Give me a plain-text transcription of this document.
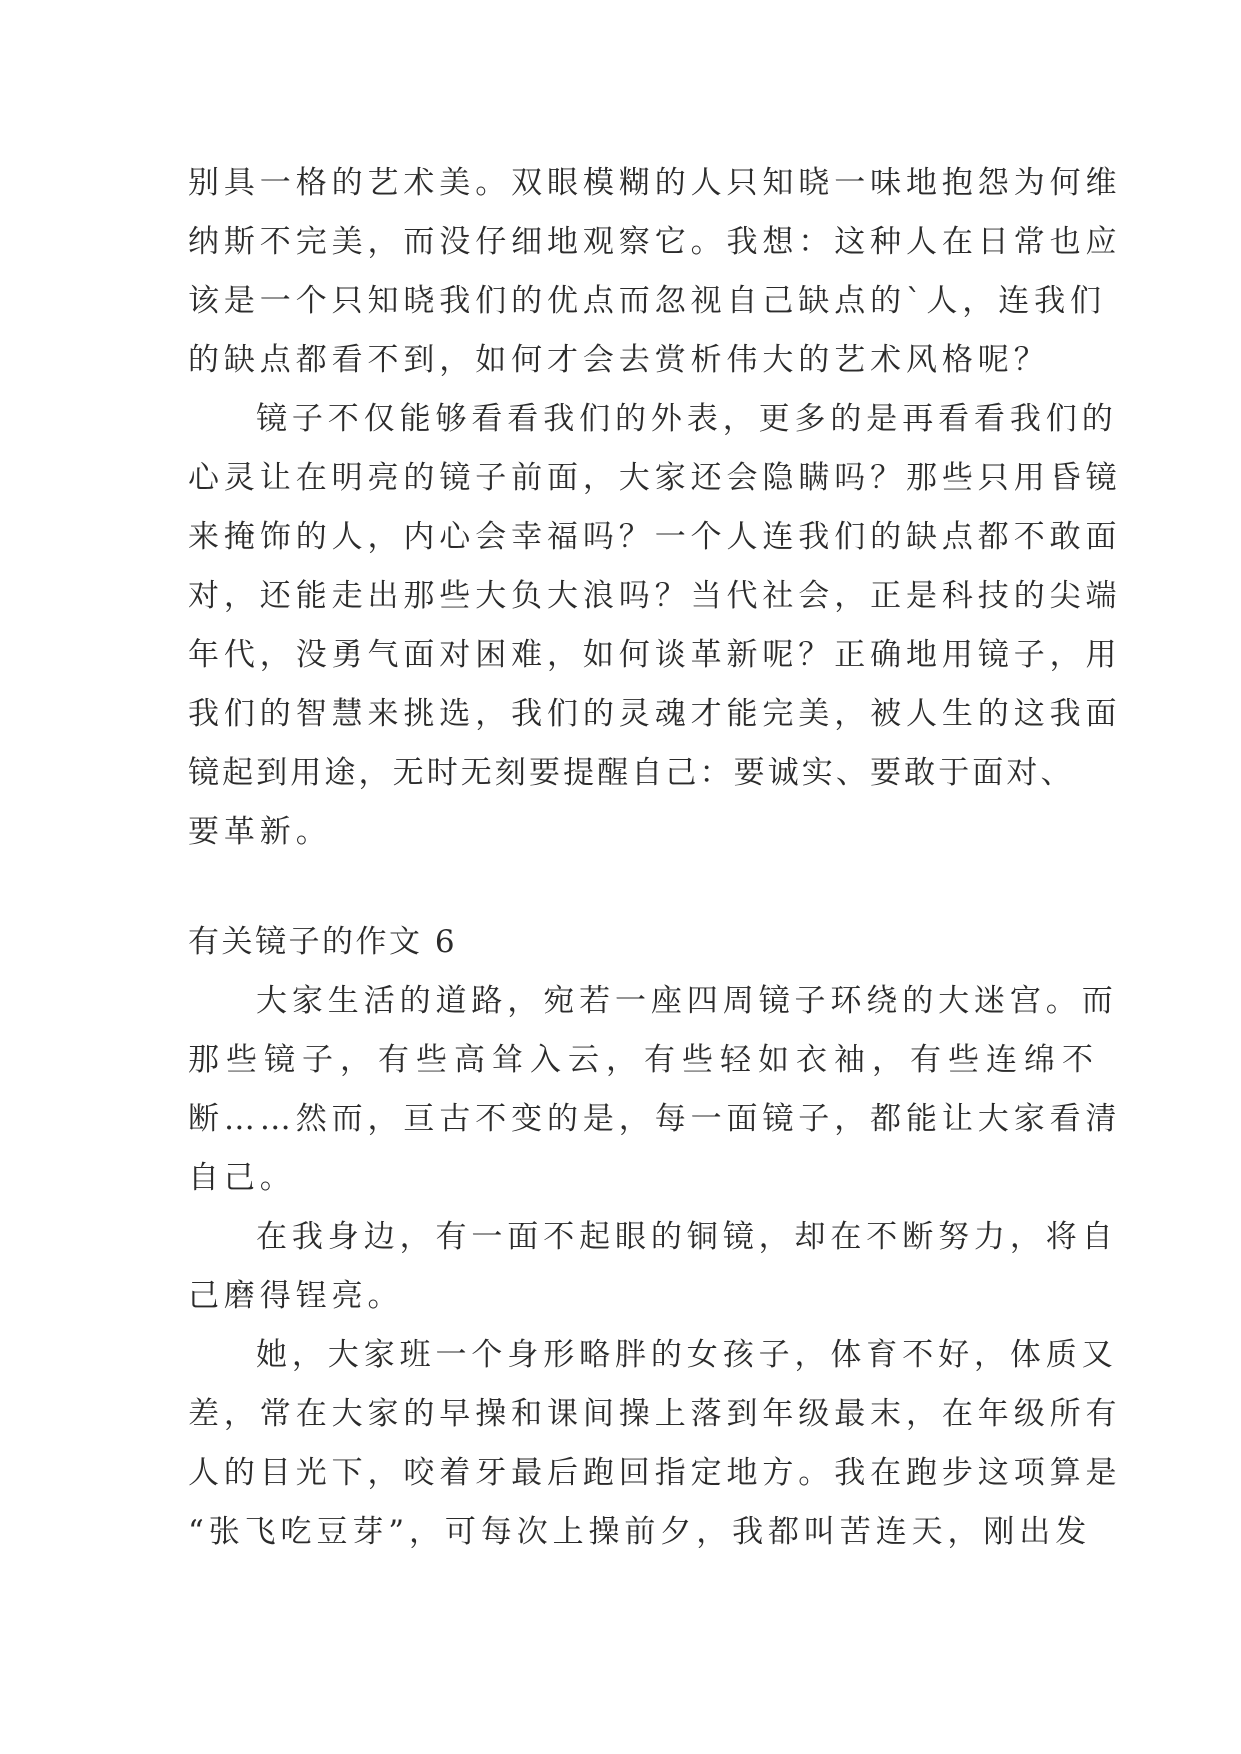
别具一格的艺术美。双眼模糊的人只知晓一味地抱怨为何维
纳斯不完美，而没仔细地观察它。我想：这种人在日常也应
该是一个只知晓我们的优点而忽视自己缺点的`人，连我们
的缺点都看不到，如何才会去赏析伟大的艺术风格呢？
镜子不仅能够看看我们的外表，更多的是再看看我们的
心灵让在明亮的镜子前面，大家还会隐瞒吗？那些只用昏镜
来掩饰的人，内心会幸福吗？一个人连我们的缺点都不敢面
对，还能走出那些大负大浪吗？当代社会，正是科技的尖端
年代，没勇气面对困难，如何谈革新呢？正确地用镜子，用
我们的智慧来挑选，我们的灵魂才能完美，被人生的这我面
镜起到用途，无时无刻要提醒自己：要诚实、要敢于面对、
要革新。
有关镜子的作文 6
大家生活的道路，宛若一座四周镜子环绕的大迷宫。而
那些镜子，有些高耸入云，有些轻如衣袖，有些连绵不
断……然而，亘古不变的是，每一面镜子，都能让大家看清
自己。
在我身边，有一面不起眼的铜镜，却在不断努力，将自
己磨得锃亮。
她，大家班一个身形略胖的女孩子，体育不好，体质又
差，常在大家的早操和课间操上落到年级最末，在年级所有
人的目光下，咬着牙最后跑回指定地方。我在跑步这项算是
“张飞吃豆芽”，可每次上操前夕，我都叫苦连天，刚出发
